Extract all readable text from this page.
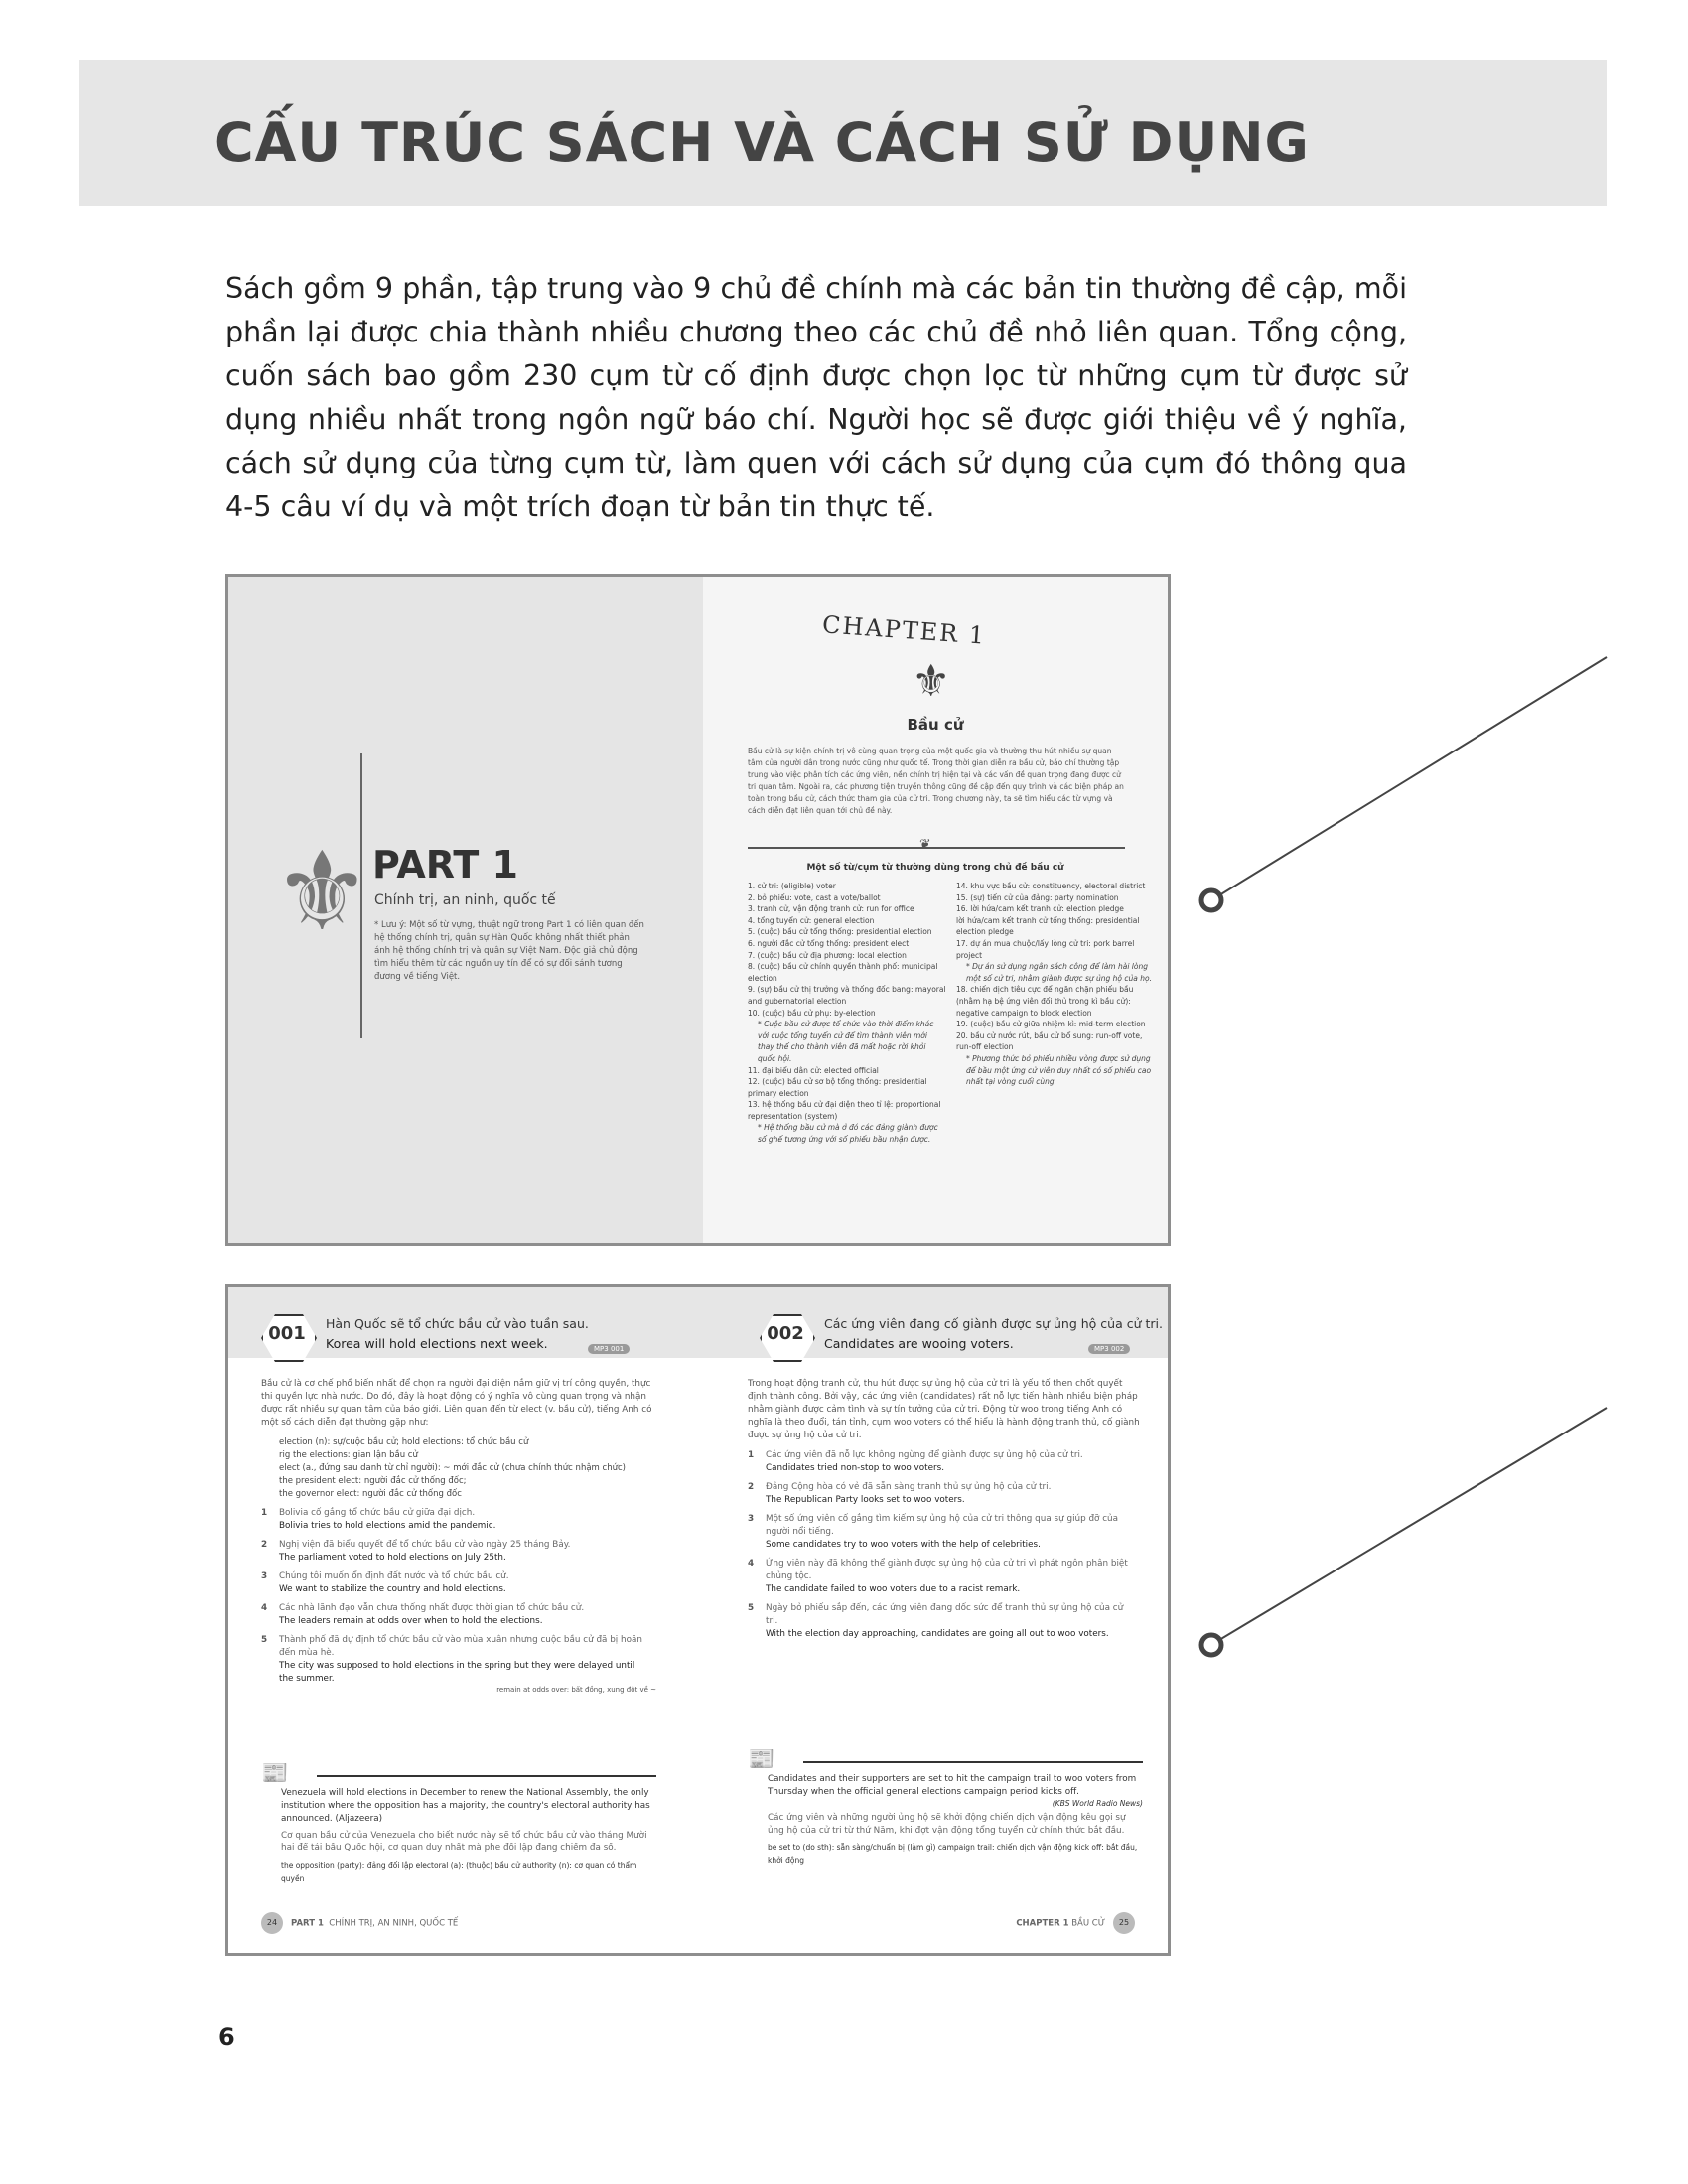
CẤU TRÚC SÁCH VÀ CÁCH SỬ DỤNG

Sách gồm 9 phần, tập trung vào 9 chủ đề chính mà các bản tin thường đề cập, mỗi phần lại được chia thành nhiều chương theo các chủ đề nhỏ liên quan. Tổng cộng, cuốn sách bao gồm 230 cụm từ cố định được chọn lọc từ những cụm từ được sử dụng nhiều nhất trong ngôn ngữ báo chí. Người học sẽ được giới thiệu về ý nghĩa, cách sử dụng của từng cụm từ, làm quen với cách sử dụng của cụm đó thông qua 4-5 câu ví dụ và một trích đoạn từ bản tin thực tế.

⚜ PART 1
Chính trị, an ninh, quốc tế
* Lưu ý: Một số từ vựng, thuật ngữ trong Part 1 có liên quan đến hệ thống chính trị, quân sự Hàn Quốc không nhất thiết phản ánh hệ thống chính trị và quân sự Việt Nam. Độc giả chủ động tìm hiểu thêm từ các nguồn uy tín để có sự đối sánh tương đương về tiếng Việt.
CHAPTER 1
⚜
Bầu cử
Bầu cử là sự kiện chính trị vô cùng quan trọng của một quốc gia và thường thu hút nhiều sự quan tâm của người dân trong nước cũng như quốc tế. Trong thời gian diễn ra bầu cử, báo chí thường tập trung vào việc phân tích các ứng viên, nền chính trị hiện tại và các vấn đề quan trọng đang được cử tri quan tâm. Ngoài ra, các phương tiện truyền thông cũng đề cập đến quy trình và các biện pháp an toàn trong bầu cử, cách thức tham gia của cử tri. Trong chương này, ta sẽ tìm hiểu các từ vựng và cách diễn đạt liên quan tới chủ đề này.
❦
Một số từ/cụm từ thường dùng trong chủ đề bầu cử
1. cử tri: (eligible) voter
2. bỏ phiếu: vote, cast a vote/ballot
3. tranh cử, vận động tranh cử: run for office
4. tổng tuyển cử: general election
5. (cuộc) bầu cử tổng thống: presidential election
6. người đắc cử tổng thống: president elect
7. (cuộc) bầu cử địa phương: local election
8. (cuộc) bầu cử chính quyền thành phố: municipal election
9. (sự) bầu cử thị trưởng và thống đốc bang: mayoral and gubernatorial election
10. (cuộc) bầu cử phụ: by-election
* Cuộc bầu cử được tổ chức vào thời điểm khác với cuộc tổng tuyển cử để tìm thành viên mới thay thế cho thành viên đã mất hoặc rời khỏi quốc hội.
11. đại biểu dân cử: elected official
12. (cuộc) bầu cử sơ bộ tổng thống: presidential primary election
13. hệ thống bầu cử đại diện theo tỉ lệ: proportional representation (system)
* Hệ thống bầu cử mà ở đó các đảng giành được số ghế tương ứng với số phiếu bầu nhận được.
14. khu vực bầu cử: constituency, electoral district
15. (sự) tiến cử của đảng: party nomination
16. lời hứa/cam kết tranh cử: election pledge
lời hứa/cam kết tranh cử tổng thống: presidential election pledge
17. dự án mua chuộc/lấy lòng cử tri: pork barrel project
* Dự án sử dụng ngân sách công để làm hài lòng một số cử tri, nhằm giành được sự ủng hộ của họ.
18. chiến dịch tiêu cực để ngăn chặn phiếu bầu (nhằm hạ bệ ứng viên đối thủ trong kì bầu cử): negative campaign to block election
19. (cuộc) bầu cử giữa nhiệm kì: mid-term election
20. bầu cử nước rút, bầu cử bổ sung: run-off vote, run-off election
* Phương thức bỏ phiếu nhiều vòng được sử dụng để bầu một ứng cử viên duy nhất có số phiếu cao nhất tại vòng cuối cùng.
001	Hàn Quốc sẽ tổ chức bầu cử vào tuần sau.
Korea will hold elections next week.	MP3 001
002	Các ứng viên đang cố giành được sự ủng hộ của cử tri.
Candidates are wooing voters.	MP3 002

Bầu cử là cơ chế phổ biến nhất để chọn ra người đại diện nắm giữ vị trí công quyền, thực thi quyền lực nhà nước. Do đó, đây là hoạt động có ý nghĩa vô cùng quan trọng và nhận được rất nhiều sự quan tâm của báo giới. Liên quan đến từ elect (v. bầu cử), tiếng Anh có một số cách diễn đạt thường gặp như:

election (n): sự/cuộc bầu cử; hold elections: tổ chức bầu cử
rig the elections: gian lận bầu cử
elect (a., đứng sau danh từ chỉ người): ~ mới đắc cử (chưa chính thức nhậm chức)
the president elect: người đắc cử thống đốc;
the governor elect: người đắc cử thống đốc
1 Bolivia cố gắng tổ chức bầu cử giữa đại dịch.
Bolivia tries to hold elections amid the pandemic.
2 Nghị viện đã biểu quyết để tổ chức bầu cử vào ngày 25 tháng Bảy.
The parliament voted to hold elections on July 25th.
3 Chúng tôi muốn ổn định đất nước và tổ chức bầu cử.
We want to stabilize the country and hold elections.
4 Các nhà lãnh đạo vẫn chưa thống nhất được thời gian tổ chức bầu cử.
The leaders remain at odds over when to hold the elections.
5 Thành phố đã dự định tổ chức bầu cử vào mùa xuân nhưng cuộc bầu cử đã bị hoãn đến mùa hè.
The city was supposed to hold elections in the spring but they were delayed until the summer.
remain at odds over: bất đồng, xung đột về ~

Trong hoạt động tranh cử, thu hút được sự ủng hộ của cử tri là yếu tố then chốt quyết định thành công. Bởi vậy, các ứng viên (candidates) rất nỗ lực tiến hành nhiều biện pháp nhằm giành được cảm tình và sự tín tưởng của cử tri. Động từ woo trong tiếng Anh có nghĩa là theo đuổi, tán tỉnh, cụm woo voters có thể hiểu là hành động tranh thủ, cố giành được sự ủng hộ của cử tri.

1 Các ứng viên đã nỗ lực không ngừng để giành được sự ủng hộ của cử tri.
Candidates tried non-stop to woo voters.
2 Đảng Cộng hòa có vẻ đã sẵn sàng tranh thủ sự ủng hộ của cử tri.
The Republican Party looks set to woo voters.
3 Một số ứng viên cố gắng tìm kiếm sự ủng hộ của cử tri thông qua sự giúp đỡ của người nổi tiếng.
Some candidates try to woo voters with the help of celebrities.
4 Ứng viên này đã không thể giành được sự ủng hộ của cử tri vì phát ngôn phân biệt chủng tộc.
The candidate failed to woo voters due to a racist remark.
5 Ngày bỏ phiếu sắp đến, các ứng viên đang dốc sức để tranh thủ sự ủng hộ của cử tri.
With the election day approaching, candidates are going all out to woo voters.
📰
Venezuela will hold elections in December to renew the National Assembly, the only institution where the opposition has a majority, the country's electoral authority has announced. (Aljazeera)
Cơ quan bầu cử của Venezuela cho biết nước này sẽ tổ chức bầu cử vào tháng Mười hai để tái bầu Quốc hội, cơ quan duy nhất mà phe đối lập đang chiếm đa số.
the opposition (party): đảng đối lập electoral (a): (thuộc) bầu cử authority (n): cơ quan có thẩm quyền
📰
Candidates and their supporters are set to hit the campaign trail to woo voters from Thursday when the official general elections campaign period kicks off.
(KBS World Radio News)
Các ứng viên và những người ủng hộ sẽ khởi động chiến dịch vận động kêu gọi sự ủng hộ của cử tri từ thứ Năm, khi đợt vận động tổng tuyển cử chính thức bắt đầu.
be set to (do sth): sẵn sàng/chuẩn bị (làm gì) campaign trail: chiến dịch vận động kick off: bắt đầu, khởi động
24 PART 1 CHÍNH TRỊ, AN NINH, QUỐC TẾ	CHAPTER 1 BẦU CỬ 25
6
